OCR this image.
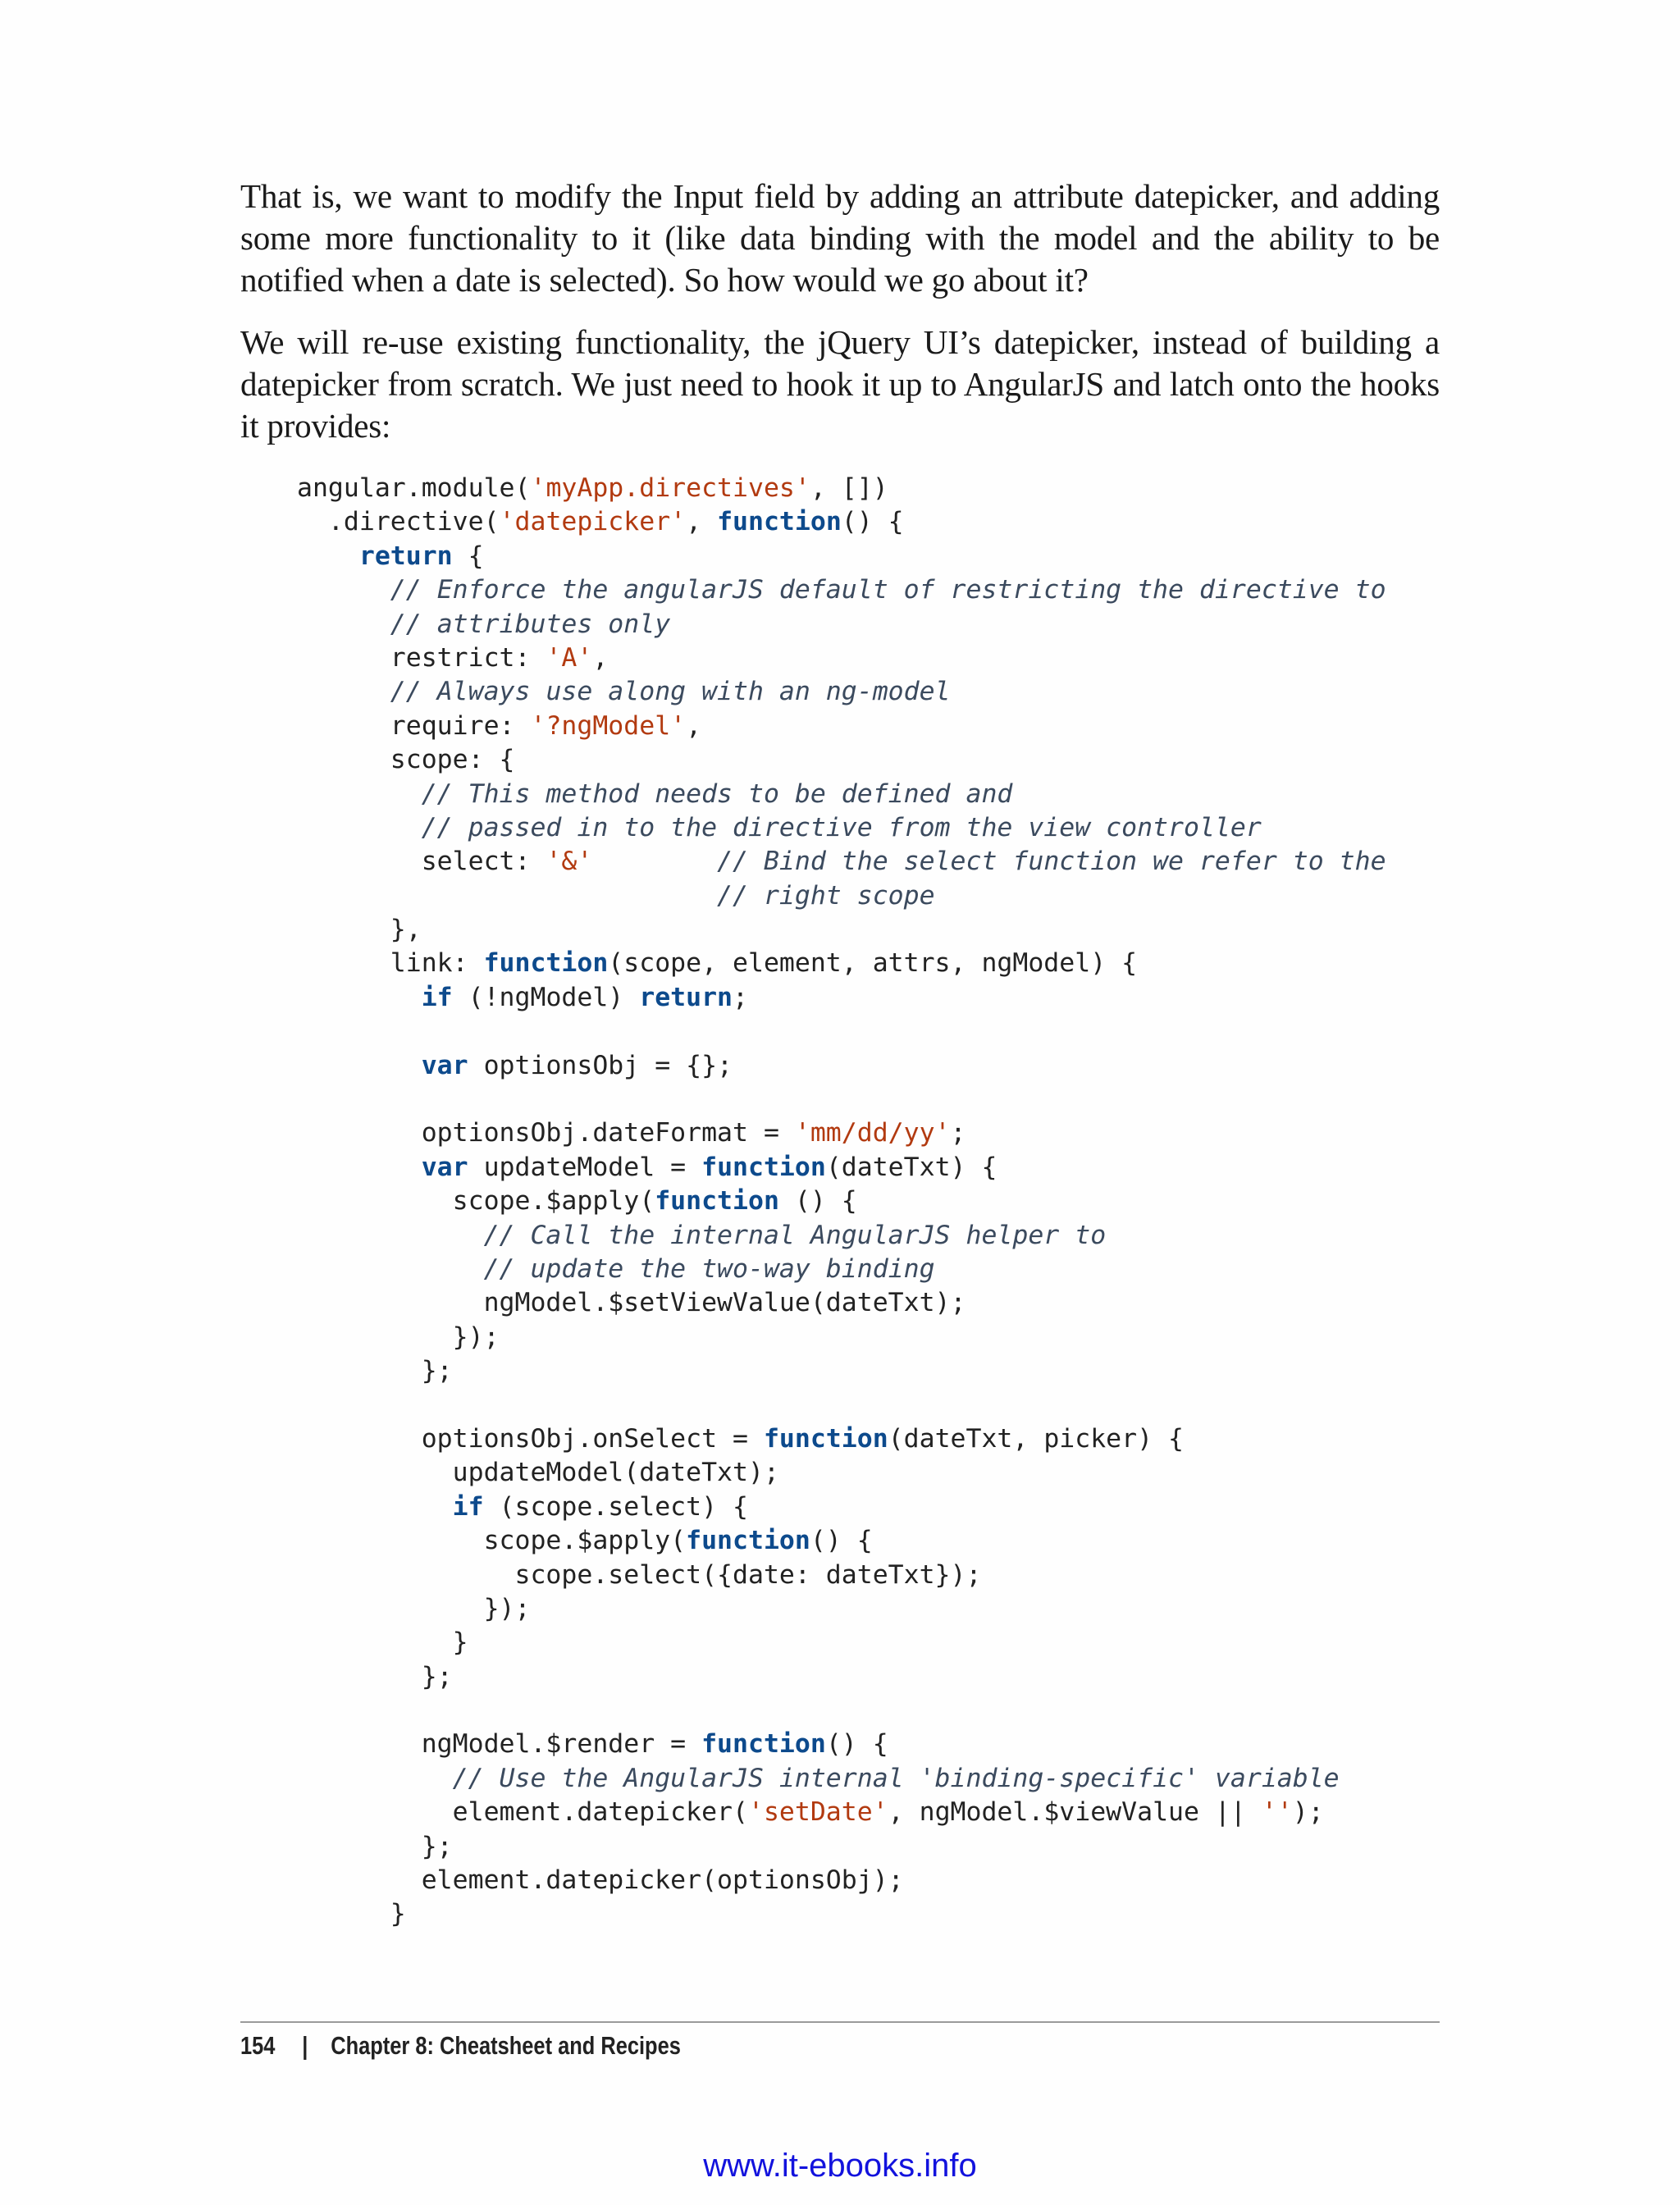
That is, we want to modify the Input field by adding an attribute datepicker, and adding some more functionality to it (like data binding with the model and the ability to be notified when a date is selected). So how would we go about it?

We will re-use existing functionality, the jQuery UI’s datepicker, instead of building a datepicker from scratch. We just need to hook it up to AngularJS and latch onto the hooks it provides:

angular.module('myApp.directives', [])
.directive('datepicker', function() {
return {
// Enforce the angularJS default of restricting the directive to
// attributes only
restrict: 'A',
// Always use along with an ng-model
require: '?ngModel',
scope: {
// This method needs to be defined and
// passed in to the directive from the view controller
select: '&'	// Bind the select function we refer to the
// right scope
},
link: function(scope, element, attrs, ngModel) {
if (!ngModel) return;

var optionsObj = {};

optionsObj.dateFormat = 'mm/dd/yy';
var updateModel = function(dateTxt) {
scope.$apply(function () {
// Call the internal AngularJS helper to
// update the two-way binding
ngModel.$setViewValue(dateTxt);
});
};

optionsObj.onSelect = function(dateTxt, picker) {
updateModel(dateTxt);
if (scope.select) {
scope.$apply(function() {
scope.select({date: dateTxt});
});
}
};

ngModel.$render = function() {
// Use the AngularJS internal 'binding-specific' variable
element.datepicker('setDate', ngModel.$viewValue || '');
};
element.datepicker(optionsObj);
}
154 | Chapter 8: Cheatsheet and Recipes
www.it-ebooks.info
